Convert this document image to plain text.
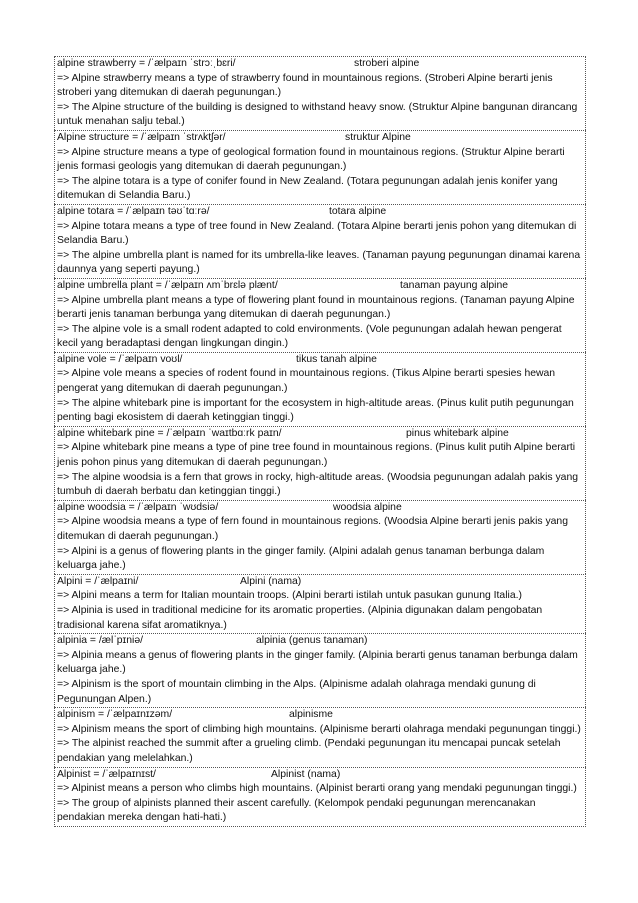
alpine strawberry = /ˈælpaɪn ˈstrɔːˌbɛri/	stroberi alpine
=> Alpine strawberry means a type of strawberry found in mountainous regions. (Stroberi Alpine berarti jenis stroberi yang ditemukan di daerah pegunungan.)
=> The Alpine structure of the building is designed to withstand heavy snow. (Struktur Alpine bangunan dirancang untuk menahan salju tebal.)
Alpine structure = /ˈælpaɪn ˈstrʌktʃər/	struktur Alpine
=> Alpine structure means a type of geological formation found in mountainous regions. (Struktur Alpine berarti jenis formasi geologis yang ditemukan di daerah pegunungan.)
=> The alpine totara is a type of conifer found in New Zealand. (Totara pegunungan adalah jenis konifer yang ditemukan di Selandia Baru.)
alpine totara = /ˈælpaɪn təʊˈtɑːrə/	totara alpine
=> Alpine totara means a type of tree found in New Zealand. (Totara Alpine berarti jenis pohon yang ditemukan di Selandia Baru.)
=> The alpine umbrella plant is named for its umbrella-like leaves. (Tanaman payung pegunungan dinamai karena daunnya yang seperti payung.)
alpine umbrella plant = /ˈælpaɪn ʌmˈbrɛlə plænt/	tanaman payung alpine
=> Alpine umbrella plant means a type of flowering plant found in mountainous regions. (Tanaman payung Alpine berarti jenis tanaman berbunga yang ditemukan di daerah pegunungan.)
=> The alpine vole is a small rodent adapted to cold environments. (Vole pegunungan adalah hewan pengerat kecil yang beradaptasi dengan lingkungan dingin.)
alpine vole = /ˈælpaɪn voʊl/	tikus tanah alpine
=> Alpine vole means a species of rodent found in mountainous regions. (Tikus Alpine berarti spesies hewan pengerat yang ditemukan di daerah pegunungan.)
=> The alpine whitebark pine is important for the ecosystem in high-altitude areas. (Pinus kulit putih pegunungan penting bagi ekosistem di daerah ketinggian tinggi.)
alpine whitebark pine = /ˈælpaɪn ˈwaɪtbɑːrk paɪn/	pinus whitebark alpine
=> Alpine whitebark pine means a type of pine tree found in mountainous regions. (Pinus kulit putih Alpine berarti jenis pohon pinus yang ditemukan di daerah pegunungan.)
=> The alpine woodsia is a fern that grows in rocky, high-altitude areas. (Woodsia pegunungan adalah pakis yang tumbuh di daerah berbatu dan ketinggian tinggi.)
alpine woodsia = /ˈælpaɪn ˈwʊdsiə/	woodsia alpine
=> Alpine woodsia means a type of fern found in mountainous regions. (Woodsia Alpine berarti jenis pakis yang ditemukan di daerah pegunungan.)
=> Alpini is a genus of flowering plants in the ginger family. (Alpini adalah genus tanaman berbunga dalam keluarga jahe.)
Alpini = /ˈælpaɪni/	Alpini (nama)
=> Alpini means a term for Italian mountain troops. (Alpini berarti istilah untuk pasukan gunung Italia.)
=> Alpinia is used in traditional medicine for its aromatic properties. (Alpinia digunakan dalam pengobatan tradisional karena sifat aromatiknya.)
alpinia = /ælˈpɪniə/	alpinia (genus tanaman)
=> Alpinia means a genus of flowering plants in the ginger family. (Alpinia berarti genus tanaman berbunga dalam keluarga jahe.)
=> Alpinism is the sport of mountain climbing in the Alps. (Alpinisme adalah olahraga mendaki gunung di Pegunungan Alpen.)
alpinism = /ˈælpaɪnɪzəm/	alpinisme
=> Alpinism means the sport of climbing high mountains. (Alpinisme berarti olahraga mendaki pegunungan tinggi.)
=> The alpinist reached the summit after a grueling climb. (Pendaki pegunungan itu mencapai puncak setelah pendakian yang melelahkan.)
Alpinist = /ˈælpaɪnɪst/	Alpinist (nama)
=> Alpinist means a person who climbs high mountains. (Alpinist berarti orang yang mendaki pegunungan tinggi.)
=> The group of alpinists planned their ascent carefully. (Kelompok pendaki pegunungan merencanakan pendakian mereka dengan hati-hati.)
